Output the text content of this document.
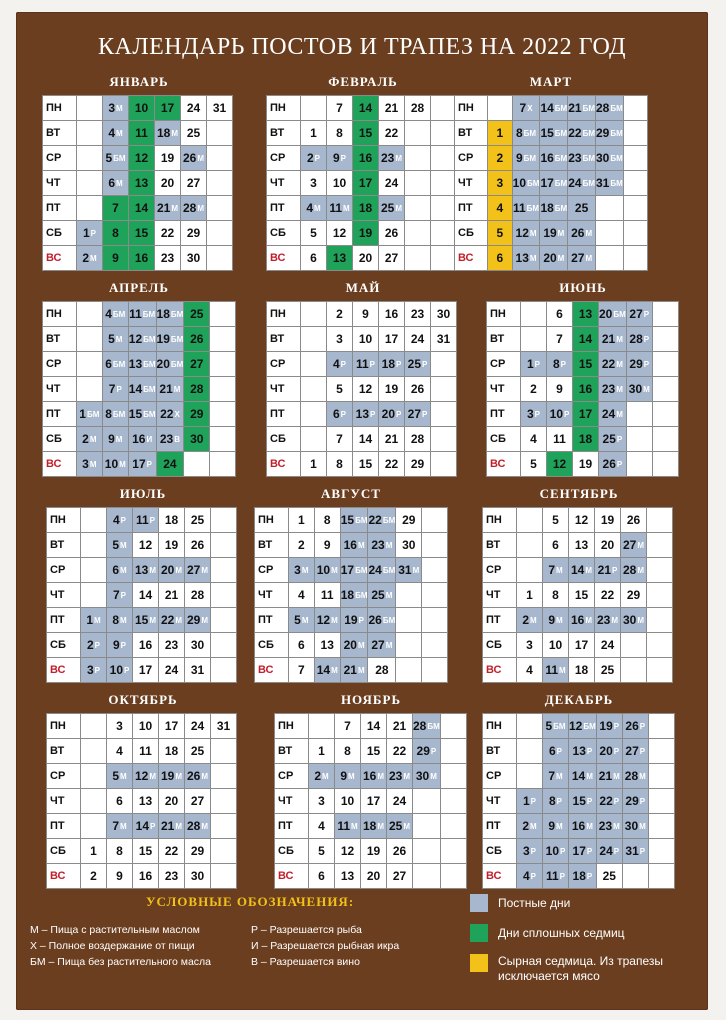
КАЛЕНДАРЬ ПОСТОВ И ТРАПЕЗ НА 2022 ГОД
ЯНВАРЬ
ПН		3М	10	17	24	31
ВТ		4М	11	18М	25	
СР		5БМ	12	19	26М	
ЧТ		6М	13	20	27	
ПТ		7	14	21М	28М	
СБ	1Р	8	15	22	29	
ВС	2М	9	16	23	30	
ФЕВРАЛЬ
ПН		7	14	21	28	
ВТ	1	8	15	22		
СР	2Р	9Р	16	23М		
ЧТ	3	10	17	24		
ПТ	4М	11М	18	25М		
СБ	5	12	19	26		
ВС	6	13	20	27		
МАРТ
ПН		7Х	14БМ	21БМ	28БМ	
ВТ	1	8БМ	15БМ	22БМ	29БМ	
СР	2	9БМ	16БМ	23БМ	30БМ	
ЧТ	3	10БМ	17БМ	24БМ	31БМ	
ПТ	4	11БМ	18БМ	25		
СБ	5	12М	19М	26М		
ВС	6	13М	20М	27М		
АПРЕЛЬ
ПН		4БМ	11БМ	18БМ	25	
ВТ		5М	12БМ	19БМ	26	
СР		6БМ	13БМ	20БМ	27	
ЧТ		7Р	14БМ	21М	28	
ПТ	1БМ	8БМ	15БМ	22Х	29	
СБ	2М	9М	16И	23В	30	
ВС	3М	10М	17Р	24		
МАЙ
ПН		2	9	16	23	30
ВТ		3	10	17	24	31
СР		4Р	11Р	18Р	25Р	
ЧТ		5	12	19	26	
ПТ		6Р	13Р	20Р	27Р	
СБ		7	14	21	28	
ВС	1	8	15	22	29	
ИЮНЬ
ПН		6	13	20БМ	27Р	
ВТ		7	14	21М	28Р	
СР	1Р	8Р	15	22М	29Р	
ЧТ	2	9	16	23М	30М	
ПТ	3Р	10Р	17	24М		
СБ	4	11	18	25Р		
ВС	5	12	19	26Р		
ИЮЛЬ
ПН		4Р	11Р	18	25	
ВТ		5М	12	19	26	
СР		6М	13М	20М	27М	
ЧТ		7Р	14	21	28	
ПТ	1М	8М	15М	22М	29М	
СБ	2Р	9Р	16	23	30	
ВС	3Р	10Р	17	24	31	
АВГУСТ
ПН	1	8	15БМ	22БМ	29	
ВТ	2	9	16М	23М	30	
СР	3М	10М	17БМ	24БМ	31М	
ЧТ	4	11	18БМ	25М		
ПТ	5М	12М	19Р	26БМ		
СБ	6	13	20М	27М		
ВС	7	14М	21М	28		
СЕНТЯБРЬ
ПН		5	12	19	26	
ВТ		6	13	20	27М	
СР		7М	14М	21Р	28М	
ЧТ	1	8	15	22	29	
ПТ	2М	9М	16М	23М	30М	
СБ	3	10	17	24		
ВС	4	11М	18	25		
ОКТЯБРЬ
ПН		3	10	17	24	31
ВТ		4	11	18	25	
СР		5М	12М	19М	26М	
ЧТ		6	13	20	27	
ПТ		7М	14Р	21М	28М	
СБ	1	8	15	22	29	
ВС	2	9	16	23	30	
НОЯБРЬ
ПН		7	14	21	28БМ	
ВТ	1	8	15	22	29Р	
СР	2М	9М	16М	23М	30М	
ЧТ	3	10	17	24		
ПТ	4	11М	18М	25М		
СБ	5	12	19	26		
ВС	6	13	20	27		
ДЕКАБРЬ
ПН		5БМ	12БМ	19Р	26Р	
ВТ		6Р	13Р	20Р	27Р	
СР		7М	14М	21М	28М	
ЧТ	1Р	8Р	15Р	22Р	29Р	
ПТ	2М	9М	16М	23М	30М	
СБ	3Р	10Р	17Р	24Р	31Р	
ВС	4Р	11Р	18Р	25		
УСЛОВНЫЕ ОБОЗНАЧЕНИЯ:
М – Пища с растительным маслом
Х – Полное воздержание от пищи
БМ – Пища без растительного масла
Р – Разрешается рыба
И – Разрешается рыбная икра
В – Разрешается вино
Постные дни
Дни сплошных седмиц
Сырная седмица. Из трапезы исключается мясо
